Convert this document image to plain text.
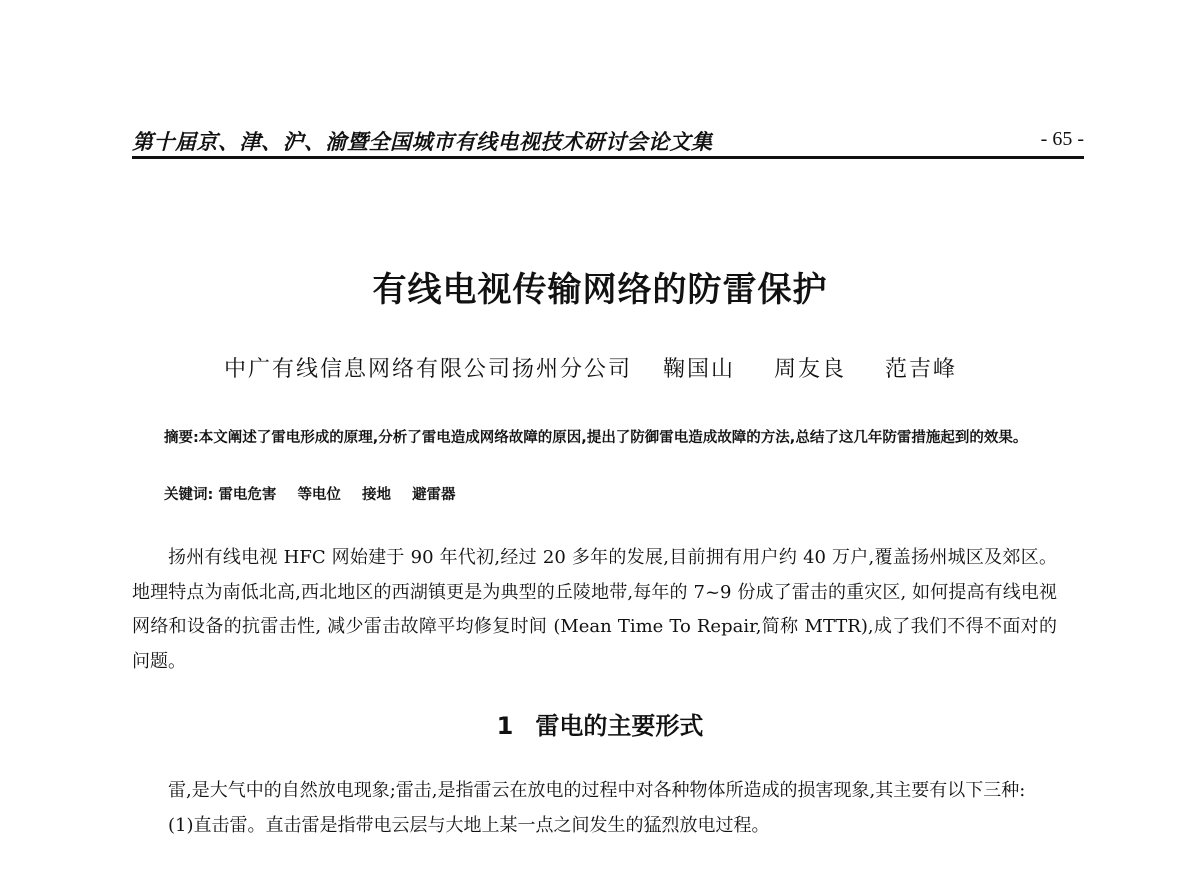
第十届京、津、沪、渝暨全国城市有线电视技术研讨会论文集	- 65 -
有线电视传输网络的防雷保护
中广有线信息网络有限公司扬州分公司 鞠国山 周友良 范吉峰

摘要:本文阐述了雷电形成的原理,分析了雷电造成网络故障的原因,提出了防御雷电造成故障的方法,总结了这几年防雷措施起到的效果。

关键词: 雷电危害 等电位 接地 避雷器

扬州有线电视 HFC 网始建于 90 年代初,经过 20 多年的发展,目前拥有用户约 40 万户,覆盖扬州城区及郊区。地理特点为南低北高,西北地区的西湖镇更是为典型的丘陵地带,每年的 7~9 份成了雷击的重灾区, 如何提高有线电视网络和设备的抗雷击性, 减少雷击故障平均修复时间 (Mean Time To Repair,简称 MTTR),成了我们不得不面对的问题。

1 雷电的主要形式

雷,是大气中的自然放电现象;雷击,是指雷云在放电的过程中对各种物体所造成的损害现象,其主要有以下三种:

(1)直击雷。直击雷是指带电云层与大地上某一点之间发生的猛烈放电过程。
